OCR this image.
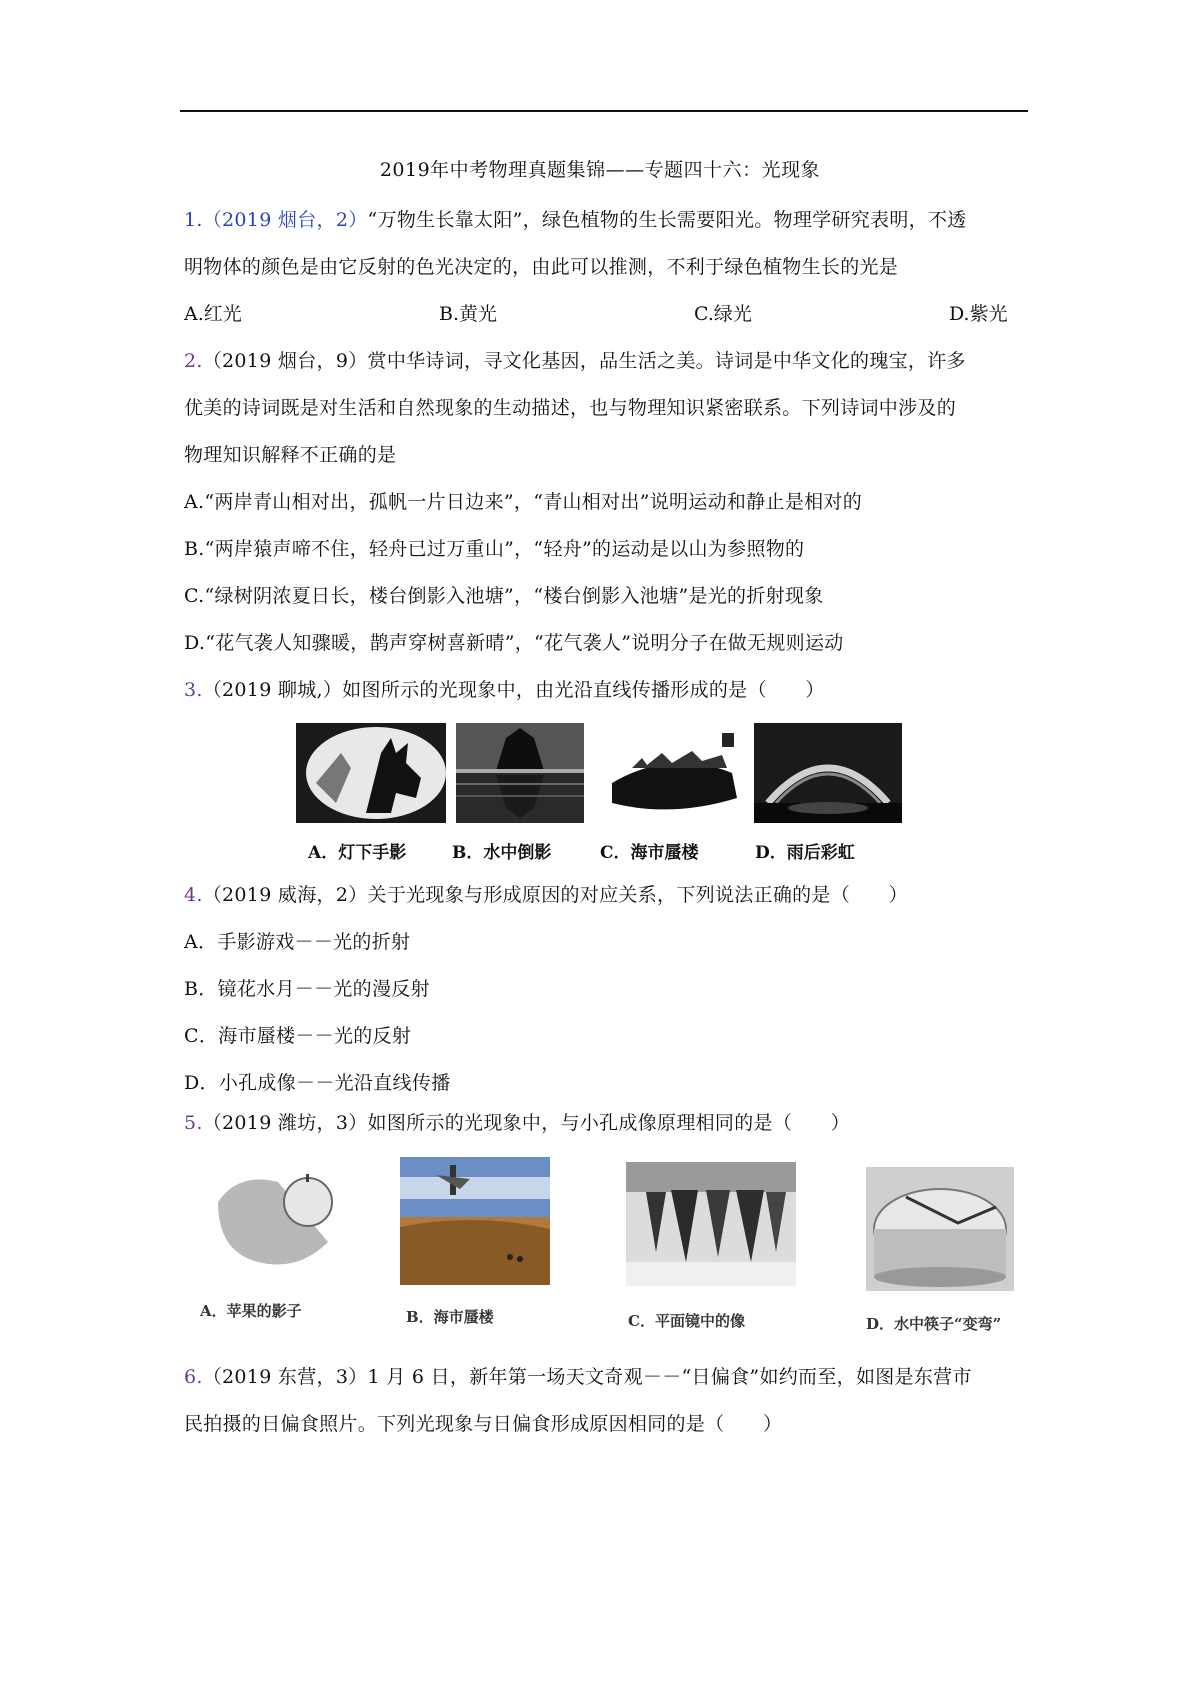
2019年中考物理真题集锦——专题四十六：光现象
1.（2019 烟台，2）“万物生长靠太阳”，绿色植物的生长需要阳光。物理学研究表明，不透
明物体的颜色是由它反射的色光决定的，由此可以推测，不利于绿色植物生长的光是
A.红光	B.黄光	C.绿光	D.紫光
2.（2019 烟台，9）赏中华诗词，寻文化基因，品生活之美。诗词是中华文化的瑰宝，许多
优美的诗词既是对生活和自然现象的生动描述，也与物理知识紧密联系。下列诗词中涉及的
物理知识解释不正确的是
A.“两岸青山相对出，孤帆一片日边来”，“青山相对出”说明运动和静止是相对的
B.“两岸猿声啼不住，轻舟已过万重山”，“轻舟”的运动是以山为参照物的
C.“绿树阴浓夏日长，楼台倒影入池塘”，“楼台倒影入池塘”是光的折射现象
D.“花气袭人知骤暖，鹊声穿树喜新晴”，“花气袭人”说明分子在做无规则运动
3.（2019 聊城,）如图所示的光现象中，由光沿直线传播形成的是（　　）
A．灯下手影	B．水中倒影	C．海市蜃楼	D．雨后彩虹
4.（2019 威海，2）关于光现象与形成原因的对应关系，下列说法正确的是（　　）
A．手影游戏－－光的折射
B．镜花水月－－光的漫反射
C．海市蜃楼－－光的反射
D．小孔成像－－光沿直线传播
5.（2019 潍坊，3）如图所示的光现象中，与小孔成像原理相同的是（　　）
A．苹果的影子	B．海市蜃楼	C．平面镜中的像	D．水中筷子“变弯”
6.（2019 东营，3）1 月 6 日，新年第一场天文奇观－－“日偏食”如约而至，如图是东营市
民拍摄的日偏食照片。下列光现象与日偏食形成原因相同的是（　　）
